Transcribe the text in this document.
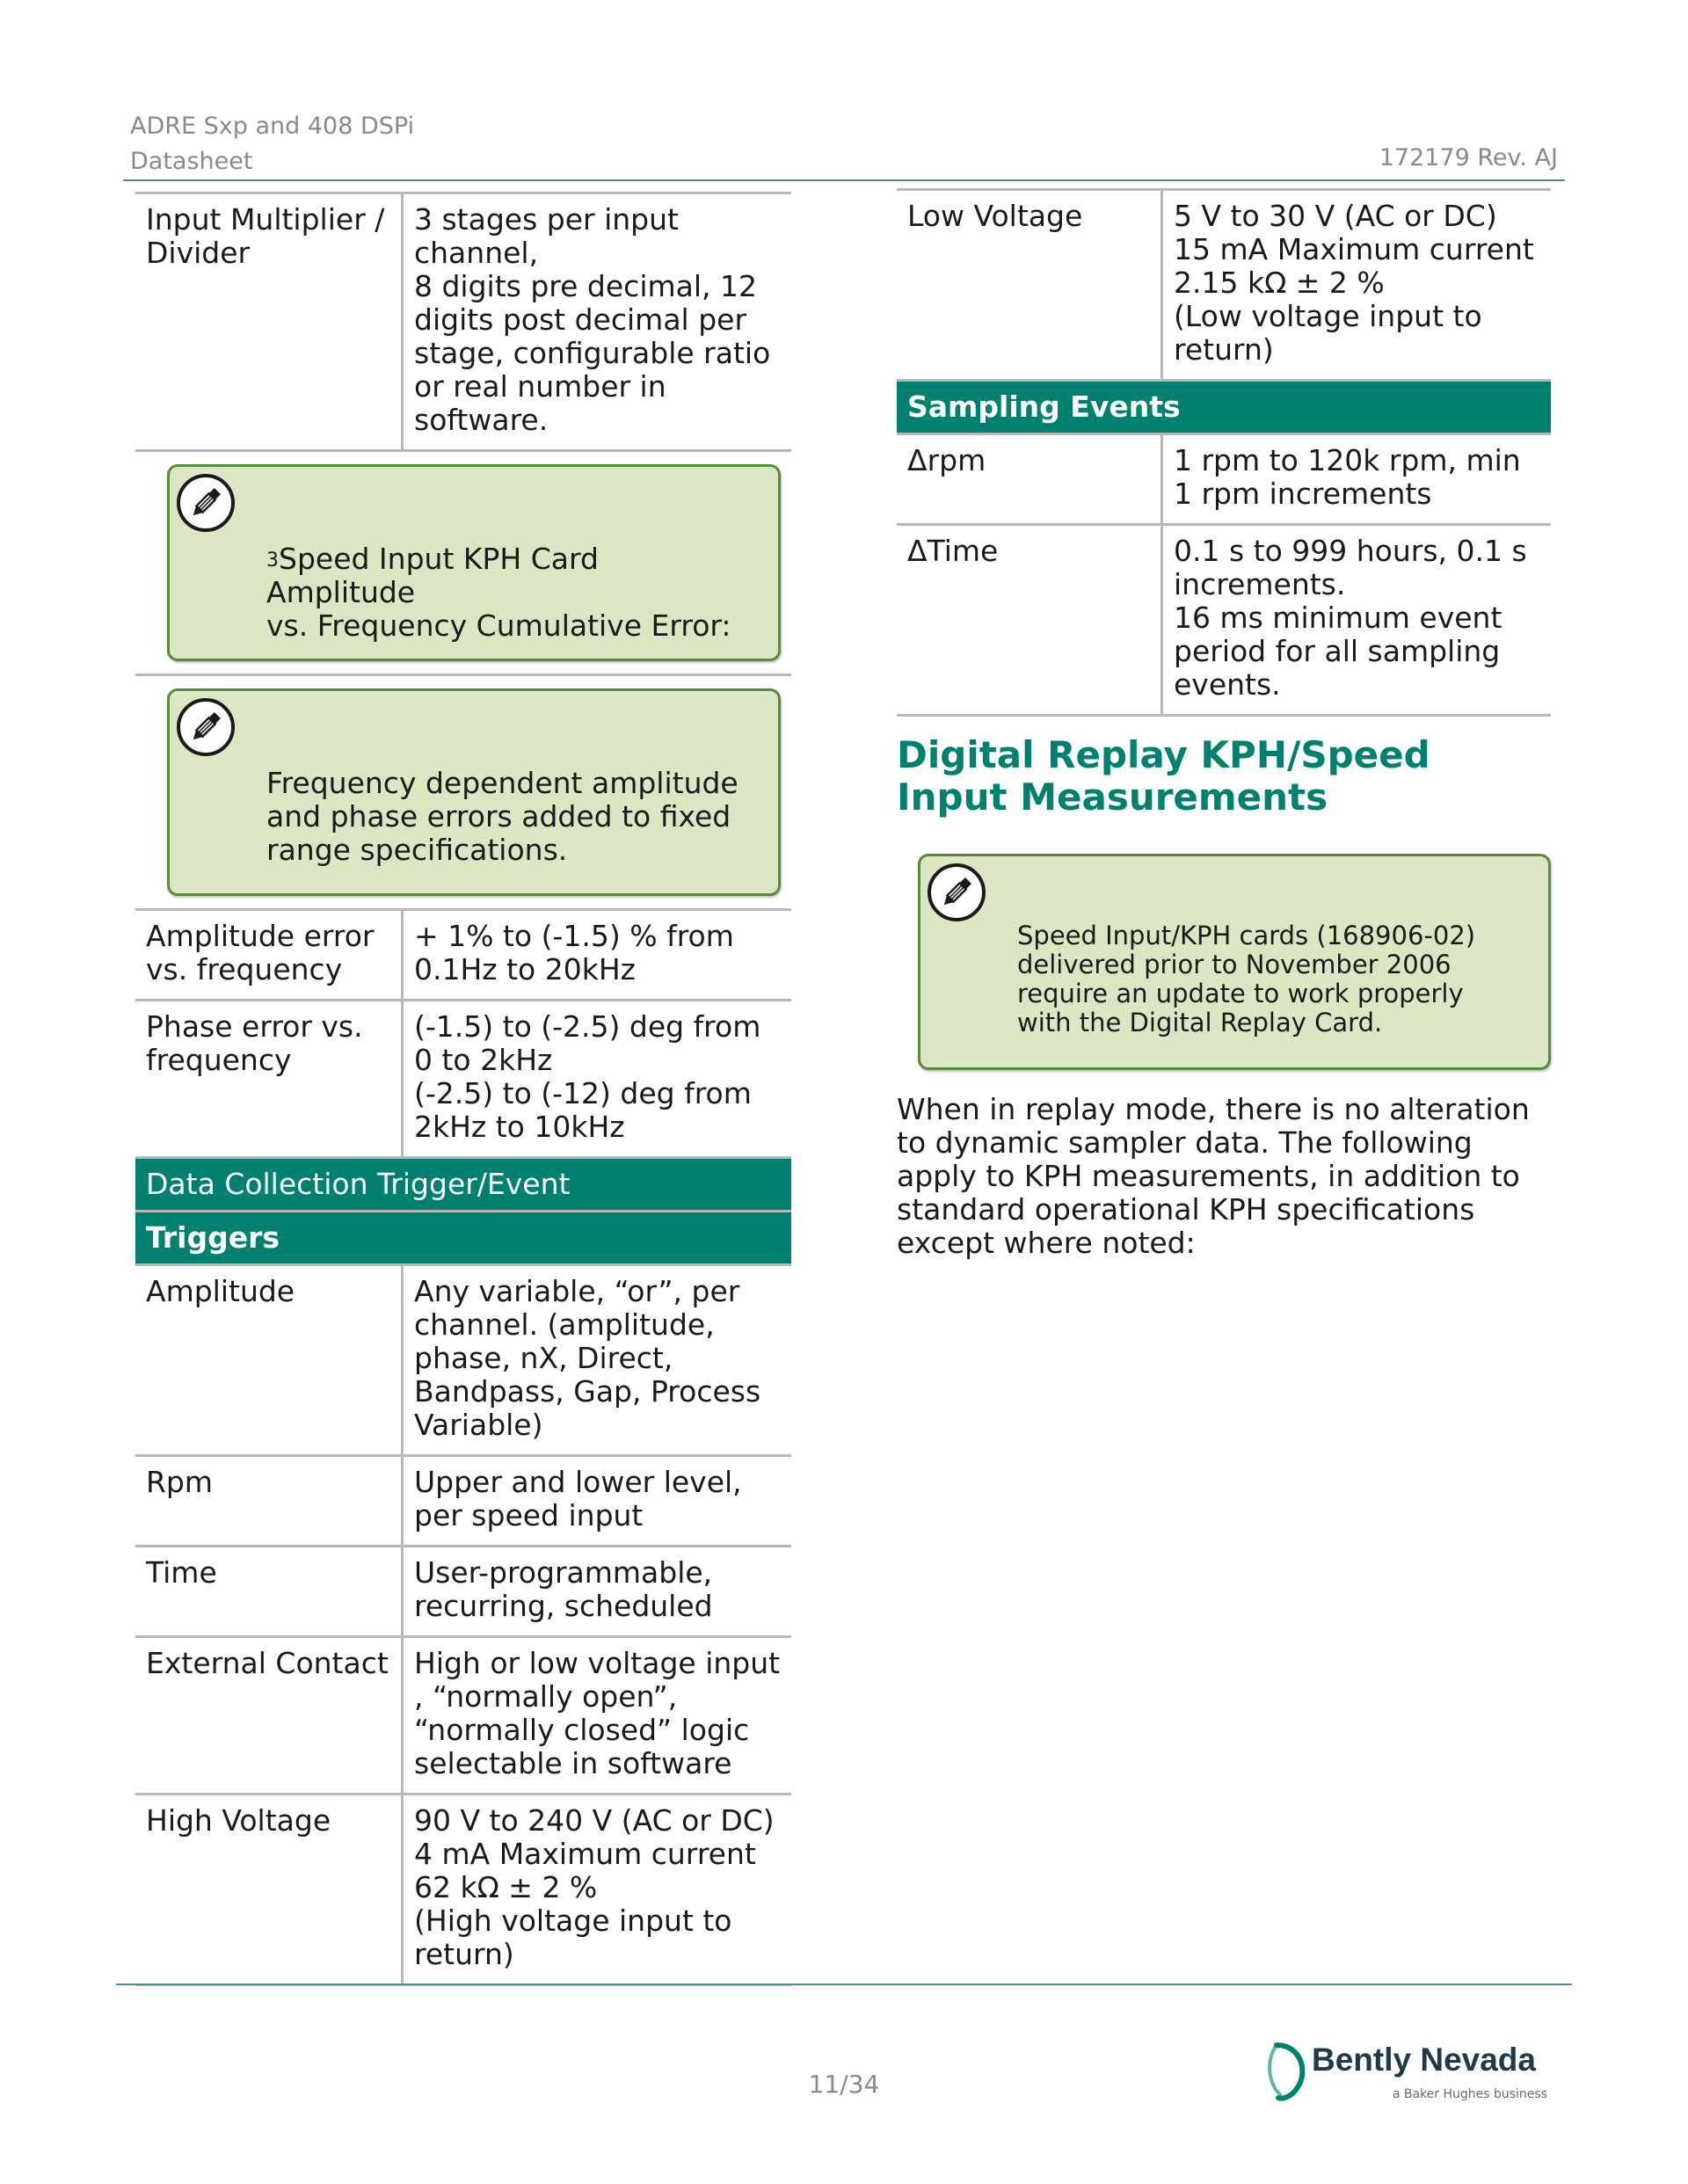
ADRE Sxp and 408 DSPi
Datasheet	172179 Rev. AJ
Input Multiplier / Divider	3 stages per input channel,
8 digits pre decimal, 12 digits post decimal per stage, configurable ratio or real number in software.

$^3$Speed Input KPH Card Amplitude
vs. Frequency Cumulative Error:

Frequency dependent amplitude and phase errors added to fixed range specifications.

Amplitude error vs. frequency	+ 1% to (-1.5) % from 0.1Hz to 20kHz
Phase error vs. frequency	(-1.5) to (-2.5) deg from 0 to 2kHz
(-2.5) to (-12) deg from 2kHz to 10kHz
Data Collection Trigger/Event	
Triggers	
Amplitude	Any variable, “or”, per channel. (amplitude, phase, nX, Direct, Bandpass, Gap, Process Variable)
Rpm	Upper and lower level, per speed input
Time	User-programmable, recurring, scheduled
External Contact	High or low voltage input , “normally open”, “normally closed” logic selectable in software
High Voltage	90 V to 240 V (AC or DC)
4 mA Maximum current
62 kΩ ± 2 %
(High voltage input to return)
Low Voltage	5 V to 30 V (AC or DC)
15 mA Maximum current
2.15 kΩ ± 2 %
(Low voltage input to return)
Sampling Events	
Δrpm	1 rpm to 120k rpm, min 1 rpm increments
ΔTime	0.1 s to 999 hours, 0.1 s increments.
16 ms minimum event period for all sampling events.
Digital Replay KPH/Speed Input Measurements

Speed Input/KPH cards (168906-02) delivered prior to November 2006 require an update to work properly with the Digital Replay Card.

When in replay mode, there is no alteration to dynamic sampler data. The following apply to KPH measurements, in addition to standard operational KPH specifications except where noted:
11/34
Bently Nevada
a Baker Hughes business
